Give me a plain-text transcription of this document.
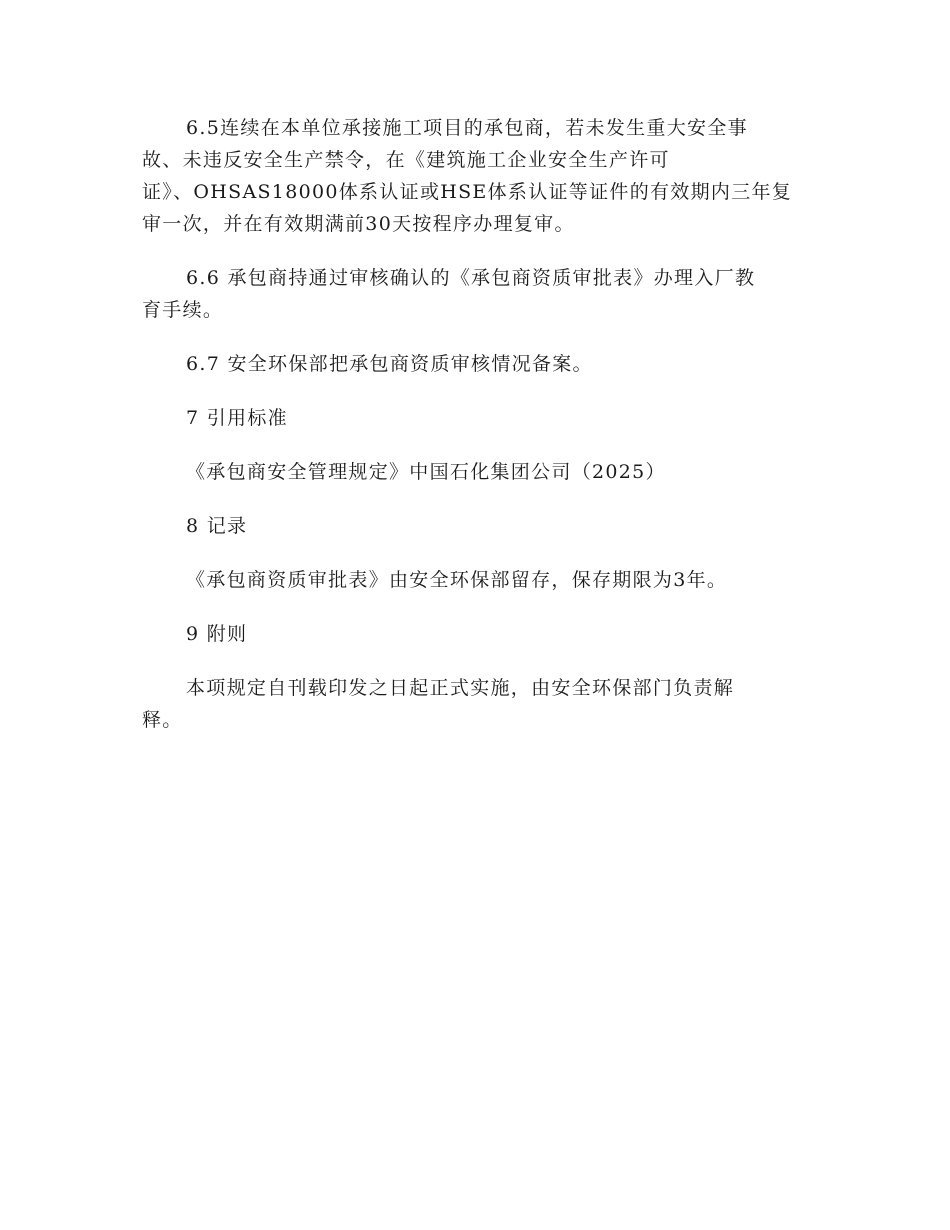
6.5连续在本单位承接施工项目的承包商，若未发生重大安全事
故、未违反安全生产禁令，在《建筑施工企业安全生产许可
证》、OHSAS18000体系认证或HSE体系认证等证件的有效期内三年复
审一次，并在有效期满前30天按程序办理复审。

6.6 承包商持通过审核确认的《承包商资质审批表》办理入厂教
育手续。

6.7 安全环保部把承包商资质审核情况备案。

7 引用标准

《承包商安全管理规定》中国石化集团公司（2025）

8 记录

《承包商资质审批表》由安全环保部留存，保存期限为3年。

9 附则

本项规定自刊载印发之日起正式实施，由安全环保部门负责解
释。
